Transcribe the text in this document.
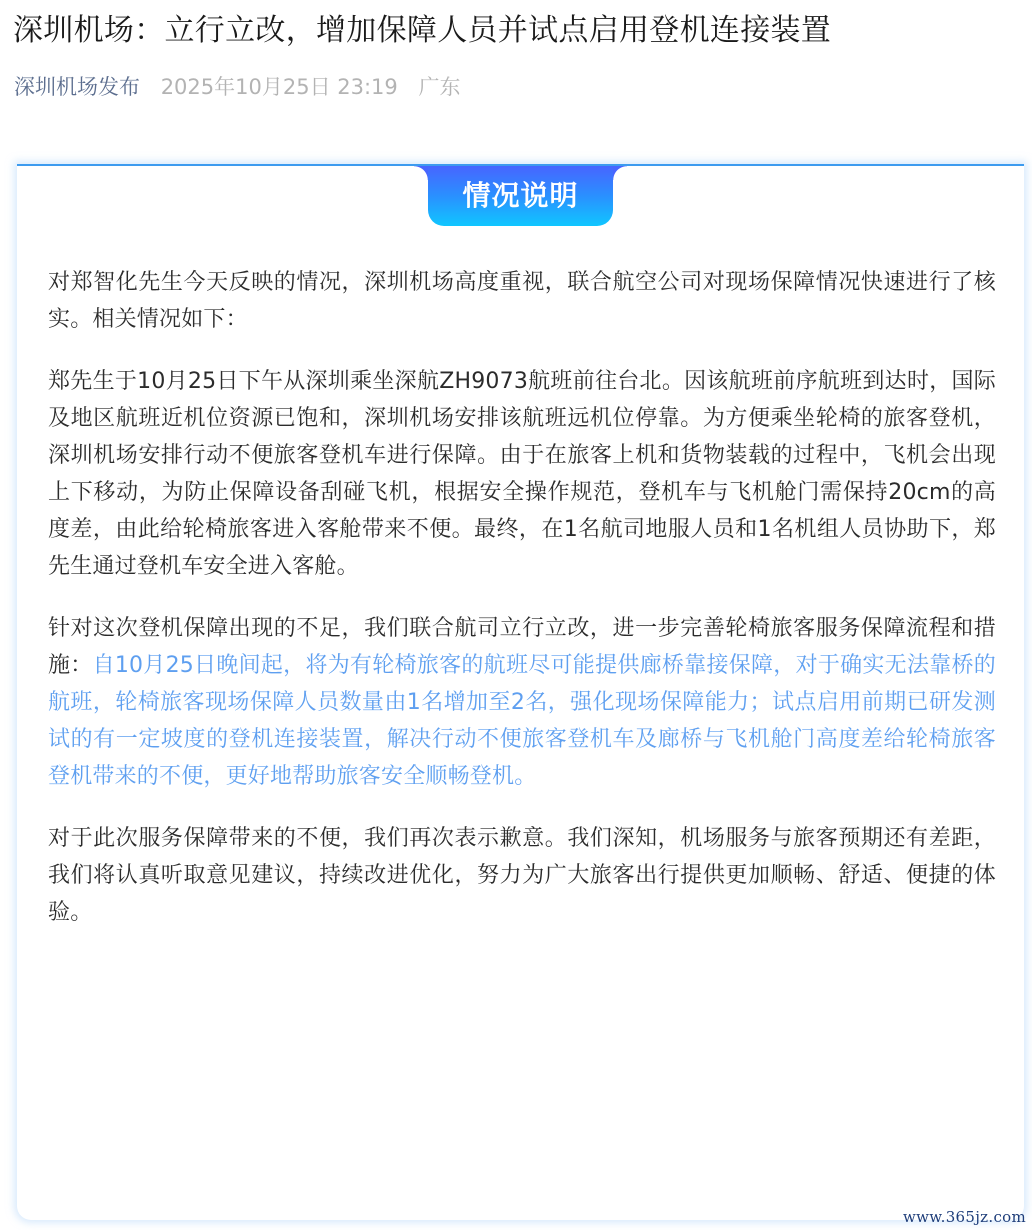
深圳机场：立行立改，增加保障人员并试点启用登机连接装置
深圳机场发布 2025年10月25日 23:19 广东
情况说明

对郑智化先生今天反映的情况，深圳机场高度重视，联合航空公司对现场保障情况快速进行了核实。相关情况如下：

郑先生于10月25日下午从深圳乘坐深航ZH9073航班前往台北。因该航班前序航班到达时，国际及地区航班近机位资源已饱和，深圳机场安排该航班远机位停靠。为方便乘坐轮椅的旅客登机，深圳机场安排行动不便旅客登机车进行保障。由于在旅客上机和货物装载的过程中，飞机会出现上下移动，为防止保障设备刮碰飞机，根据安全操作规范，登机车与飞机舱门需保持20cm的高度差，由此给轮椅旅客进入客舱带来不便。最终，在1名航司地服人员和1名机组人员协助下，郑先生通过登机车安全进入客舱。

针对这次登机保障出现的不足，我们联合航司立行立改，进一步完善轮椅旅客服务保障流程和措施：自10月25日晚间起，将为有轮椅旅客的航班尽可能提供廊桥靠接保障，对于确实无法靠桥的航班，轮椅旅客现场保障人员数量由1名增加至2名，强化现场保障能力；试点启用前期已研发测试的有一定坡度的登机连接装置，解决行动不便旅客登机车及廊桥与飞机舱门高度差给轮椅旅客登机带来的不便，更好地帮助旅客安全顺畅登机。

对于此次服务保障带来的不便，我们再次表示歉意。我们深知，机场服务与旅客预期还有差距，我们将认真听取意见建议，持续改进优化，努力为广大旅客出行提供更加顺畅、舒适、便捷的体验。

www.365jz.com
